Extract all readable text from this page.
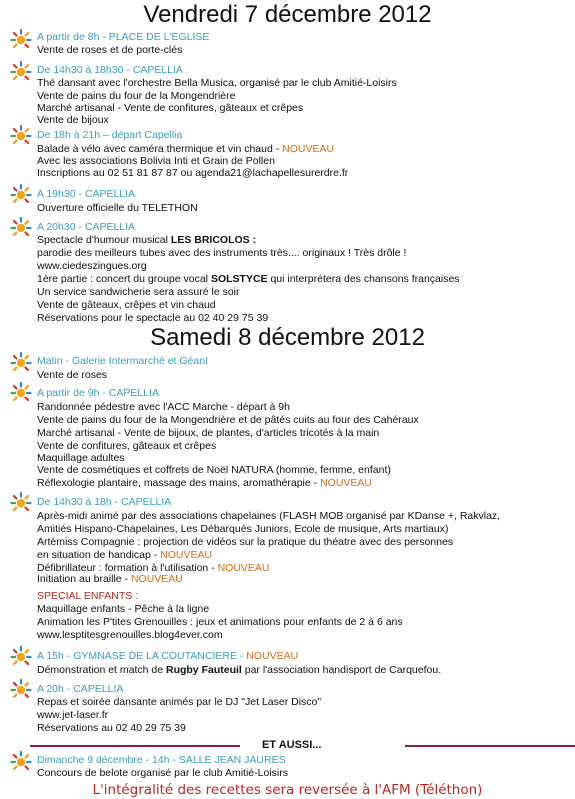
Vendredi 7 décembre 2012
A partir de 8h - PLACE DE L'EGLISE
Vente de roses et de porte-clés
De 14h30 à 18h30 - CAPELLIA
Thé dansant avec l'orchestre Bella Musica, organisé par le club Amitié-Loisirs
Vente de pains du four de la Mongendrière
Marché artisanal - Vente de confitures, gâteaux et crêpes
Vente de bijoux
De 18h à 21h – départ Capellia
Balade à vélo avec caméra thermique et vin chaud - NOUVEAU
Avec les associations Bolivia Inti et Grain de Pollen
Inscriptions au 02 51 81 87 87 ou agenda21@lachapellesurerdre.fr
A 19h30 - CAPELLIA
Ouverture officielle du TELETHON
A 20h30 - CAPELLIA
Spectacle d'humour musical LES BRICOLOS :
parodie des meilleurs tubes avec des instruments très.... originaux ! Très drôle !
www.ciedeszingues.org
1ère partie : concert du groupe vocal SOLSTYCE qui interprétera des chansons françaises
Un service sandwicherie sera assuré le soir
Vente de gâteaux, crêpes et vin chaud
Réservations pour le spectacle au 02 40 29 75 39
Samedi 8 décembre 2012
Matin - Galerie Intermarché et Géant
Vente de roses
A partir de 9h - CAPELLIA
Randonnée pédestre avec l'ACC Marche - départ à 9h
Vente de pains du four de la Mongendrière et de pâtés cuits au four des Cahéraux
Marché artisanal - Vente de bijoux, de plantes, d'articles tricotés à la main
Vente de confitures, gâteaux et crêpes
Maquillage adultes
Vente de cosmétiques et coffrets de Noël NATURA (homme, femme, enfant)
Réflexologie plantaire, massage des mains, aromathérapie - NOUVEAU
De 14h30 à 18h - CAPELLIA
Après-midi animé par des associations chapelaines (FLASH MOB organisé par KDanse +, Rakvlaz,
Amitiés Hispano-Chapelaines, Les Débarqués Juniors, Ecole de musique, Arts martiaux)
Artémiss Compagnie : projection de vidéos sur la pratique du théatre avec des personnes
en situation de handicap - NOUVEAU
Défibrillateur : formation à l'utilisation - NOUVEAU
Initiation au braille - NOUVEAU
SPECIAL ENFANTS :
Maquillage enfants - Pêche à la ligne
Animation les P'tites Grenouilles : jeux et animations pour enfants de 2 à 6 ans
www.lesptitesgrenouilles.blog4ever.com
A 15h - GYMNASE DE LA COUTANCIERE - NOUVEAU
Démonstration et match de Rugby Fauteuil par l'association handisport de Carquefou.
A 20h - CAPELLIA
Repas et soirée dansante animés par le DJ "Jet Laser Disco"
www.jet-laser.fr
Réservations au 02 40 29 75 39
ET AUSSI...
Dimanche 9 décembre - 14h - SALLE JEAN JAURES
Concours de belote organisé par le club Amitié-Loisirs
L'intégralité des recettes sera reversée à l'AFM (Téléthon)
